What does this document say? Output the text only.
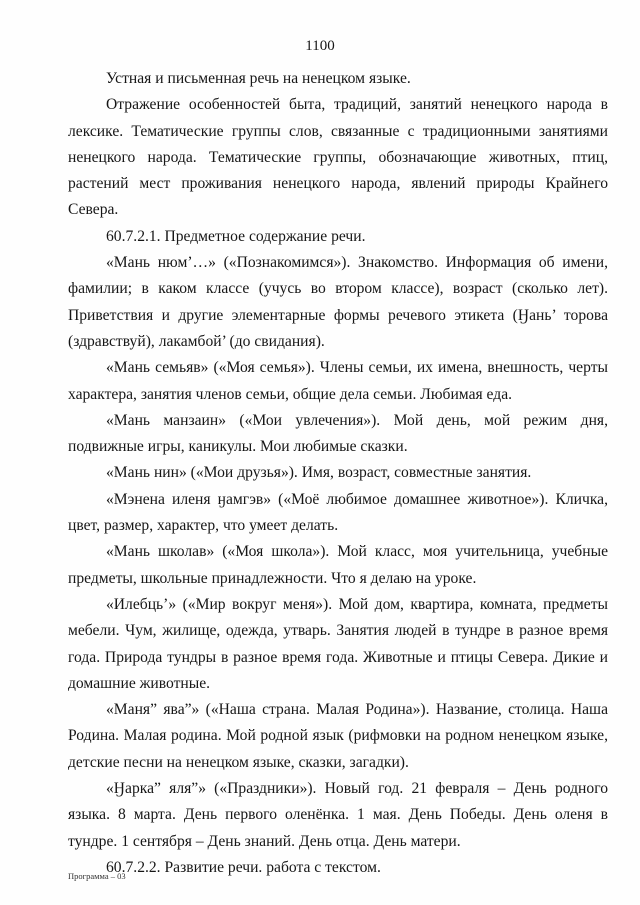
1100

Устная и письменная речь на ненецком языке.

Отражение особенностей быта, традиций, занятий ненецкого народа в лексике. Тематические группы слов, связанные с традиционными занятиями ненецкого народа. Тематические группы, обозначающие животных, птиц, растений мест проживания ненецкого народа, явлений природы Крайнего Севера.

60.7.2.1. Предметное содержание речи.

«Мань нюм’…» («Познакомимся»). Знакомство. Информация об имени, фамилии; в каком классе (учусь во втором классе), возраст (сколько лет). Приветствия и другие элементарные формы речевого этикета (Ӈань’ торова (здравствуй), лакамбой’ (до свидания).

«Мань семьяв» («Моя семья»). Члены семьи, их имена, внешность, черты характера, занятия членов семьи, общие дела семьи. Любимая еда.

«Мань манзаин» («Мои увлечения»). Мой день, мой режим дня, подвижные игры, каникулы. Мои любимые сказки.

«Мань нин» («Мои друзья»). Имя, возраст, совместные занятия.

«Мэнена иленя ӈамгэв» («Моё любимое домашнее животное»). Кличка, цвет, размер, характер, что умеет делать.

«Мань школав» («Моя школа»). Мой класс, моя учительница, учебные предметы, школьные принадлежности. Что я делаю на уроке.

«Илебць’» («Мир вокруг меня»). Мой дом, квартира, комната, предметы мебели. Чум, жилище, одежда, утварь. Занятия людей в тундре в разное время года. Природа тундры в разное время года. Животные и птицы Севера. Дикие и домашние животные.

«Маня” ява”» («Наша страна. Малая Родина»). Название, столица. Наша Родина. Малая родина. Мой родной язык (рифмовки на родном ненецком языке, детские песни на ненецком языке, сказки, загадки).

«Ӈарка” яля”» («Праздники»). Новый год. 21 февраля – День родного языка. 8 марта. День первого оленёнка. 1 мая. День Победы. День оленя в тундре. 1 сентября – День знаний. День отца. День матери.

60.7.2.2. Развитие речи. работа с текстом.

Программа – 03
